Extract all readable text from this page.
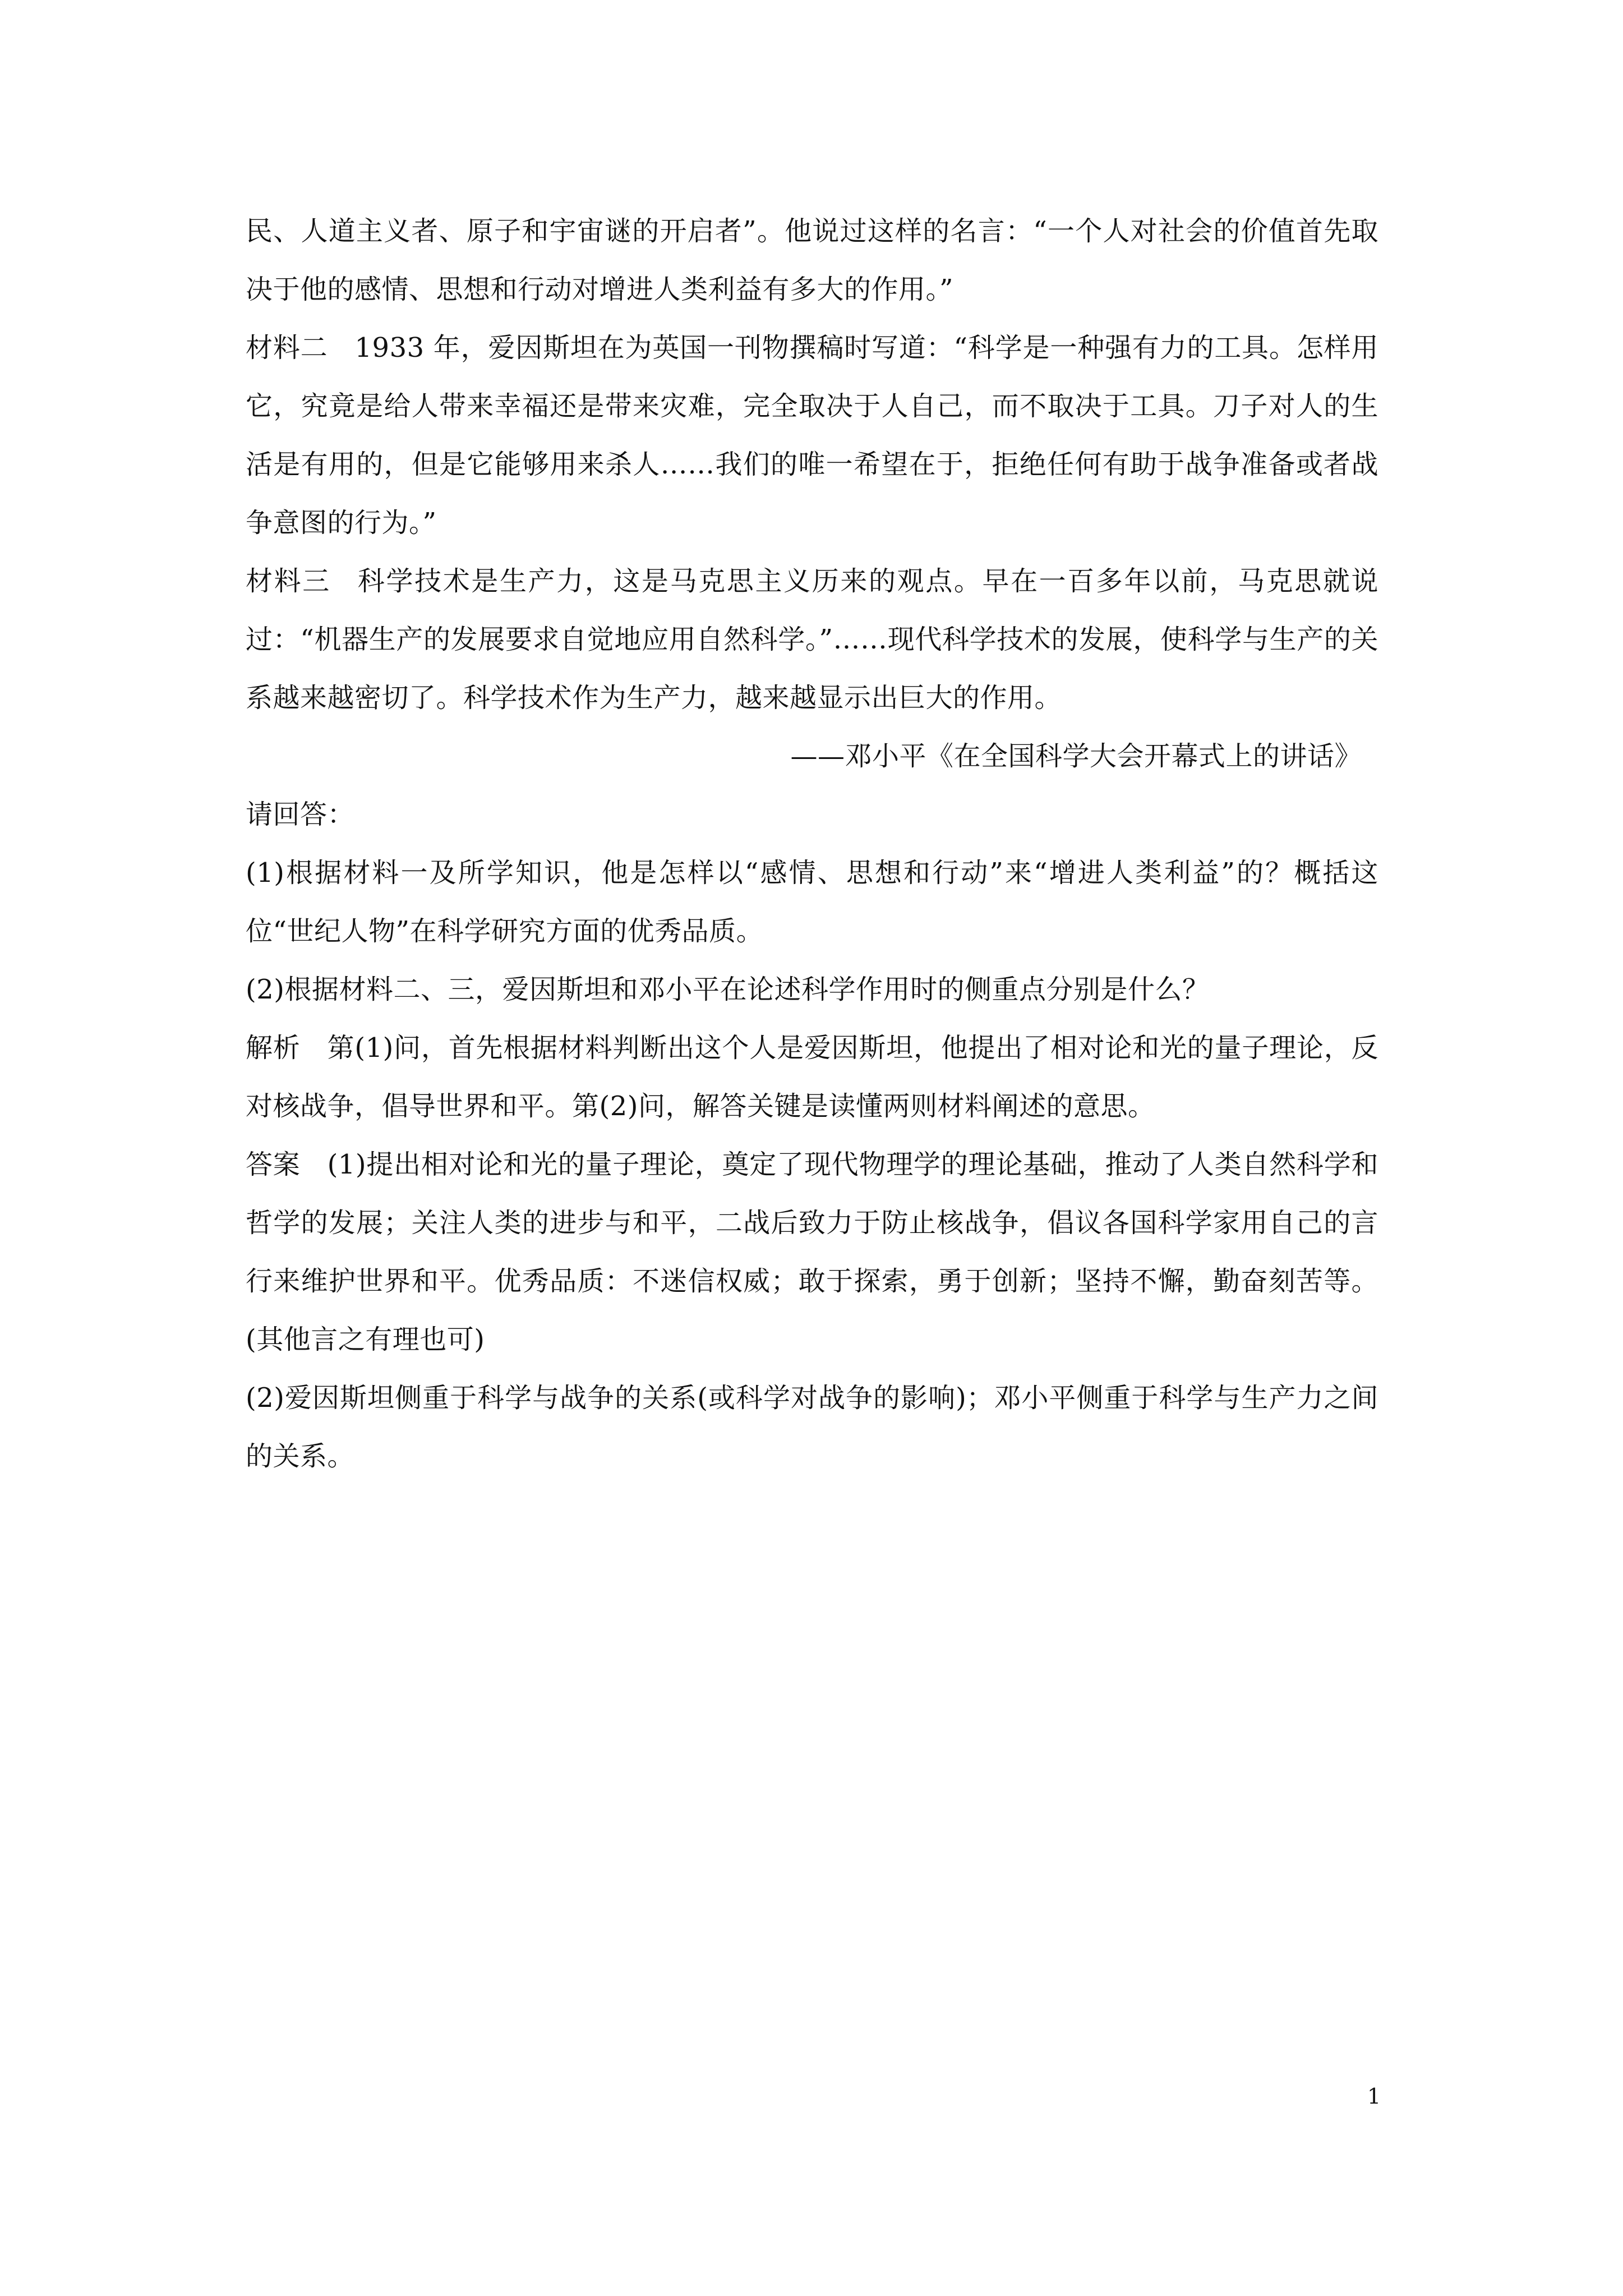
民、人道主义者、原子和宇宙谜的开启者”。他说过这样的名言：“一个人对社会的价值首先取决于他的感情、思想和行动对增进人类利益有多大的作用。”

材料二 1933 年，爱因斯坦在为英国一刊物撰稿时写道：“科学是一种强有力的工具。怎样用它，究竟是给人带来幸福还是带来灾难，完全取决于人自己，而不取决于工具。刀子对人的生活是有用的，但是它能够用来杀人……我们的唯一希望在于，拒绝任何有助于战争准备或者战争意图的行为。”

材料三 科学技术是生产力，这是马克思主义历来的观点。早在一百多年以前，马克思就说过：“机器生产的发展要求自觉地应用自然科学。”……现代科学技术的发展，使科学与生产的关系越来越密切了。科学技术作为生产力，越来越显示出巨大的作用。

——邓小平《在全国科学大会开幕式上的讲话》

请回答：

(1)根据材料一及所学知识，他是怎样以“感情、思想和行动”来“增进人类利益”的？概括这位“世纪人物”在科学研究方面的优秀品质。

(2)根据材料二、三，爱因斯坦和邓小平在论述科学作用时的侧重点分别是什么？

解析 第(1)问，首先根据材料判断出这个人是爱因斯坦，他提出了相对论和光的量子理论，反对核战争，倡导世界和平。第(2)问，解答关键是读懂两则材料阐述的意思。

答案 (1)提出相对论和光的量子理论，奠定了现代物理学的理论基础，推动了人类自然科学和哲学的发展；关注人类的进步与和平，二战后致力于防止核战争，倡议各国科学家用自己的言行来维护世界和平。优秀品质：不迷信权威；敢于探索，勇于创新；坚持不懈，勤奋刻苦等。(其他言之有理也可)

(2)爱因斯坦侧重于科学与战争的关系(或科学对战争的影响)；邓小平侧重于科学与生产力之间的关系。

1
